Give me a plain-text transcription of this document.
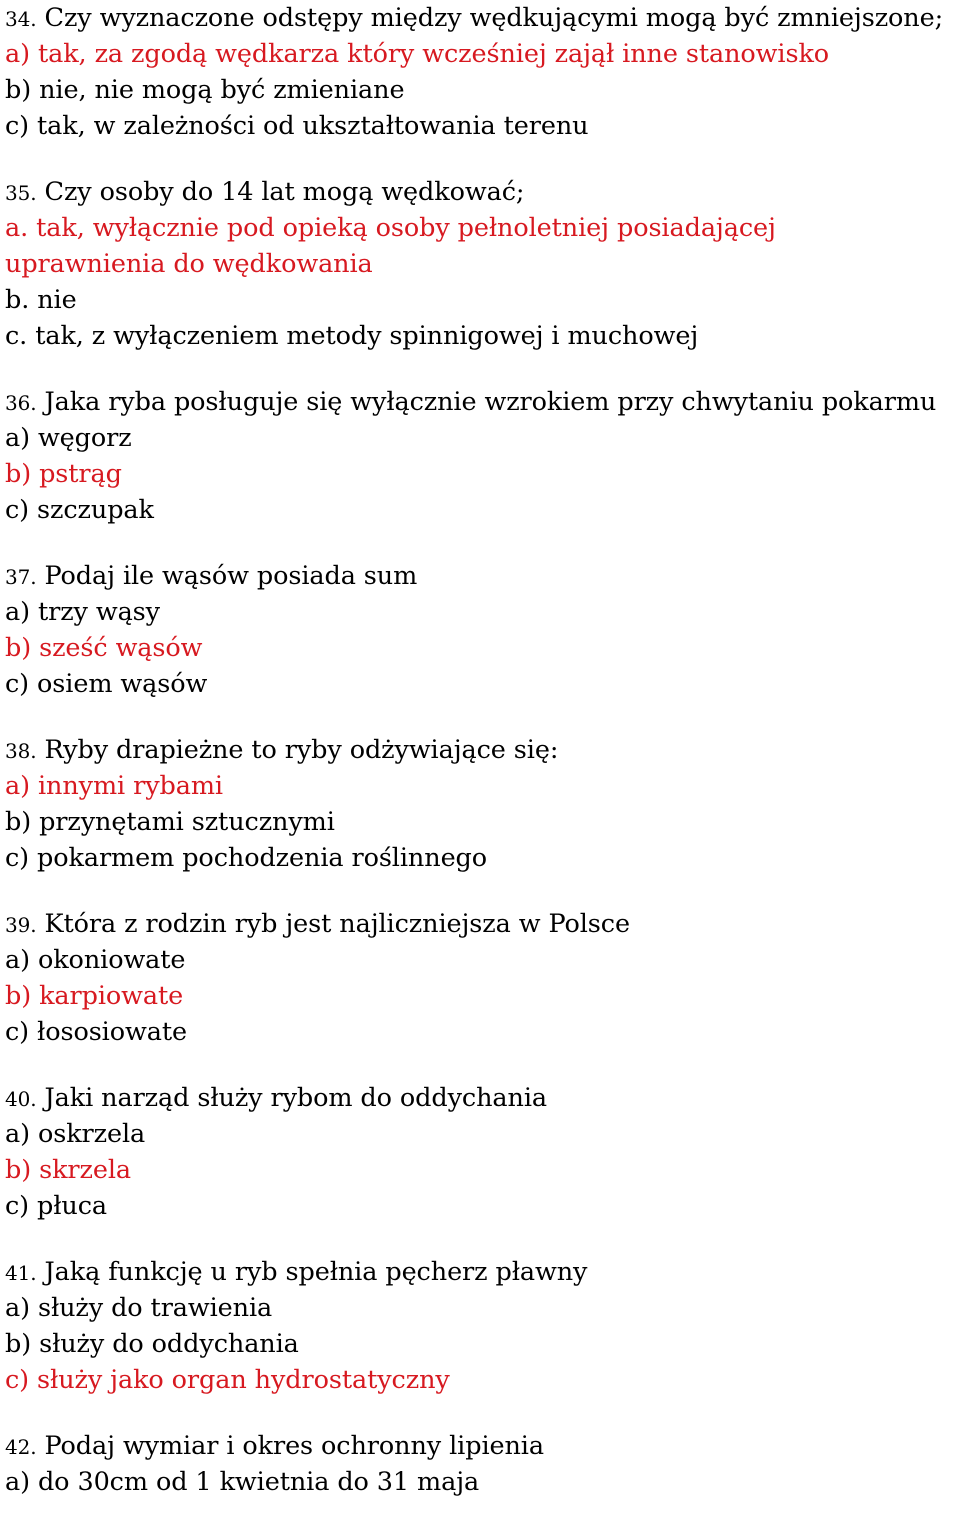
34. Czy wyznaczone odstępy między wędkującymi mogą być zmniejszone;
a) tak, za zgodą wędkarza który wcześniej zajął inne stanowisko
b) nie, nie mogą być zmieniane
c) tak, w zależności od ukształtowania terenu
35. Czy osoby do 14 lat mogą wędkować;
a. tak, wyłącznie pod opieką osoby pełnoletniej posiadającej
uprawnienia do wędkowania
b. nie
c. tak, z wyłączeniem metody spinnigowej i muchowej
36. Jaka ryba posługuje się wyłącznie wzrokiem przy chwytaniu pokarmu
a) węgorz
b) pstrąg
c) szczupak
37. Podaj ile wąsów posiada sum
a) trzy wąsy
b) sześć wąsów
c) osiem wąsów
38. Ryby drapieżne to ryby odżywiające się:
a) innymi rybami
b) przynętami sztucznymi
c) pokarmem pochodzenia roślinnego
39. Która z rodzin ryb jest najliczniejsza w Polsce
a) okoniowate
b) karpiowate
c) łososiowate
40. Jaki narząd służy rybom do oddychania
a) oskrzela
b) skrzela
c) płuca
41. Jaką funkcję u ryb spełnia pęcherz pławny
a) służy do trawienia
b) służy do oddychania
c) służy jako organ hydrostatyczny
42. Podaj wymiar i okres ochronny lipienia
a) do 30cm od 1 kwietnia do 31 maja
